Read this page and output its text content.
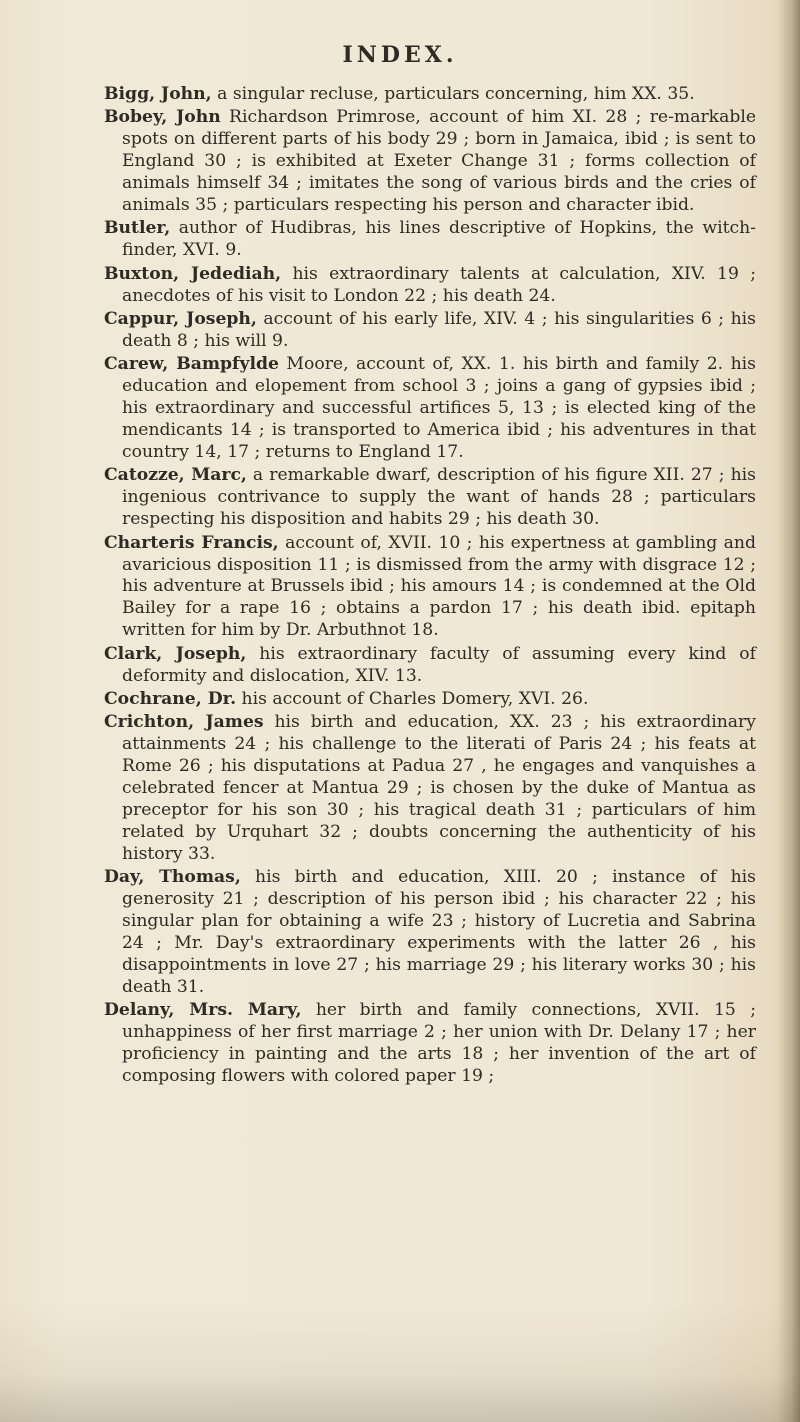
INDEX.

Bigg, John, a singular recluse, particulars concerning, him XX. 35.

Bobey, John Richardson Primrose, account of him XI. 28 ; re-markable spots on different parts of his body 29 ; born in Jamaica, ibid ; is sent to England 30 ; is exhibited at Exeter Change 31 ; forms collection of animals himself 34 ; imitates the song of various birds and the cries of animals 35 ; particulars respecting his person and character ibid.

Butler, author of Hudibras, his lines descriptive of Hopkins, the witch-finder, XVI. 9.

Buxton, Jedediah, his extraordinary talents at calculation, XIV. 19 ; anecdotes of his visit to London 22 ; his death 24.

Cappur, Joseph, account of his early life, XIV. 4 ; his singularities 6 ; his death 8 ; his will 9.

Carew, Bampfylde Moore, account of, XX. 1. his birth and family 2. his education and elopement from school 3 ; joins a gang of gypsies ibid ; his extraordinary and successful artifices 5, 13 ; is elected king of the mendicants 14 ; is transported to America ibid ; his adventures in that country 14, 17 ; returns to England 17.

Catozze, Marc, a remarkable dwarf, description of his figure XII. 27 ; his ingenious contrivance to supply the want of hands 28 ; particulars respecting his disposition and habits 29 ; his death 30.

Charteris Francis, account of, XVII. 10 ; his expertness at gambling and avaricious disposition 11 ; is dismissed from the army with disgrace 12 ; his adventure at Brussels ibid ; his amours 14 ; is condemned at the Old Bailey for a rape 16 ; obtains a pardon 17 ; his death ibid. epitaph written for him by Dr. Arbuthnot 18.

Clark, Joseph, his extraordinary faculty of assuming every kind of deformity and dislocation, XIV. 13.

Cochrane, Dr. his account of Charles Domery, XVI. 26.

Crichton, James his birth and education, XX. 23 ; his extraordinary attainments 24 ; his challenge to the literati of Paris 24 ; his feats at Rome 26 ; his disputations at Padua 27 , he engages and vanquishes a celebrated fencer at Mantua 29 ; is chosen by the duke of Mantua as preceptor for his son 30 ; his tragical death 31 ; particulars of him related by Urquhart 32 ; doubts concerning the authenticity of his history 33.

Day, Thomas, his birth and education, XIII. 20 ; instance of his generosity 21 ; description of his person ibid ; his character 22 ; his singular plan for obtaining a wife 23 ; history of Lucretia and Sabrina 24 ; Mr. Day's extraordinary experiments with the latter 26 , his disappointments in love 27 ; his marriage 29 ; his literary works 30 ; his death 31.

Delany, Mrs. Mary, her birth and family connections, XVII. 15 ; unhappiness of her first marriage 2 ; her union with Dr. Delany 17 ; her proficiency in painting and the arts 18 ; her invention of the art of composing flowers with colored paper 19 ;
